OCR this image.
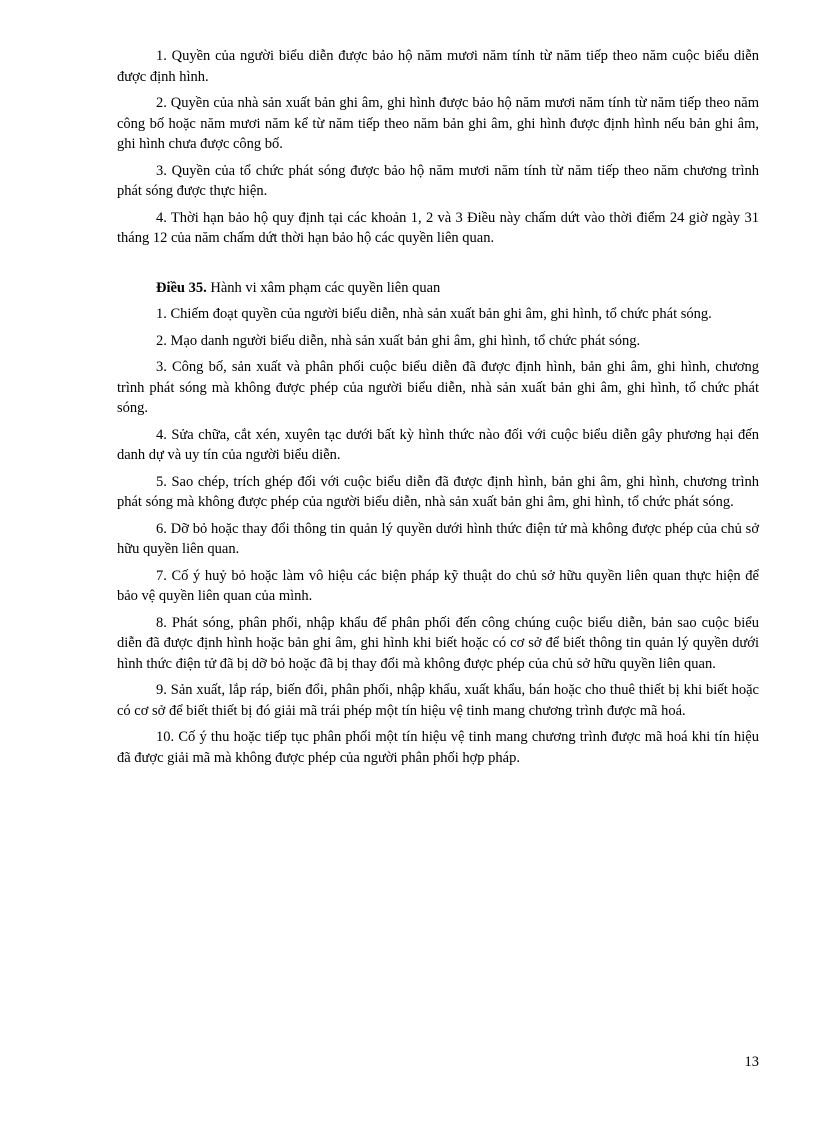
1. Quyền của người biểu diễn được bảo hộ năm mươi năm tính từ năm tiếp theo năm cuộc biểu diễn được định hình.

2. Quyền của nhà sản xuất bản ghi âm, ghi hình được bảo hộ năm mươi năm tính từ năm tiếp theo năm công bố hoặc năm mươi năm kể từ năm tiếp theo năm bản ghi âm, ghi hình được định hình nếu bản ghi âm, ghi hình chưa được công bố.

3. Quyền của tổ chức phát sóng được bảo hộ năm mươi năm tính từ năm tiếp theo năm chương trình phát sóng được thực hiện.

4. Thời hạn bảo hộ quy định tại các khoản 1, 2 và 3 Điều này chấm dứt vào thời điểm 24 giờ ngày 31 tháng 12 của năm chấm dứt thời hạn bảo hộ các quyền liên quan.

Điều 35. Hành vi xâm phạm các quyền liên quan

1. Chiếm đoạt quyền của người biểu diễn, nhà sản xuất bản ghi âm, ghi hình, tổ chức phát sóng.

2. Mạo danh người biểu diễn, nhà sản xuất bản ghi âm, ghi hình, tổ chức phát sóng.

3. Công bố, sản xuất và phân phối cuộc biểu diễn đã được định hình, bản ghi âm, ghi hình, chương trình phát sóng mà không được phép của người biểu diễn, nhà sản xuất bản ghi âm, ghi hình, tổ chức phát sóng.

4. Sửa chữa, cắt xén, xuyên tạc dưới bất kỳ hình thức nào đối với cuộc biểu diễn gây phương hại đến danh dự và uy tín của người biểu diễn.

5. Sao chép, trích ghép đối với cuộc biểu diễn đã được định hình, bản ghi âm, ghi hình, chương trình phát sóng mà không được phép của người biểu diễn, nhà sản xuất bản ghi âm, ghi hình, tổ chức phát sóng.

6. Dỡ bỏ hoặc thay đổi thông tin quản lý quyền dưới hình thức điện tử mà không được phép của chủ sở hữu quyền liên quan.

7. Cố ý huỷ bỏ hoặc làm vô hiệu các biện pháp kỹ thuật do chủ sở hữu quyền liên quan thực hiện để bảo vệ quyền liên quan của mình.

8. Phát sóng, phân phối, nhập khẩu để phân phối đến công chúng cuộc biểu diễn, bản sao cuộc biểu diễn đã được định hình hoặc bản ghi âm, ghi hình khi biết hoặc có cơ sở để biết thông tin quản lý quyền dưới hình thức điện tử đã bị dỡ bỏ hoặc đã bị thay đổi mà không được phép của chủ sở hữu quyền liên quan.

9. Sản xuất, lắp ráp, biến đổi, phân phối, nhập khẩu, xuất khẩu, bán hoặc cho thuê thiết bị khi biết hoặc có cơ sở để biết thiết bị đó giải mã trái phép một tín hiệu vệ tinh mang chương trình được mã hoá.

10. Cố ý thu hoặc tiếp tục phân phối một tín hiệu vệ tinh mang chương trình được mã hoá khi tín hiệu đã được giải mã mà không được phép của người phân phối hợp pháp.

13
